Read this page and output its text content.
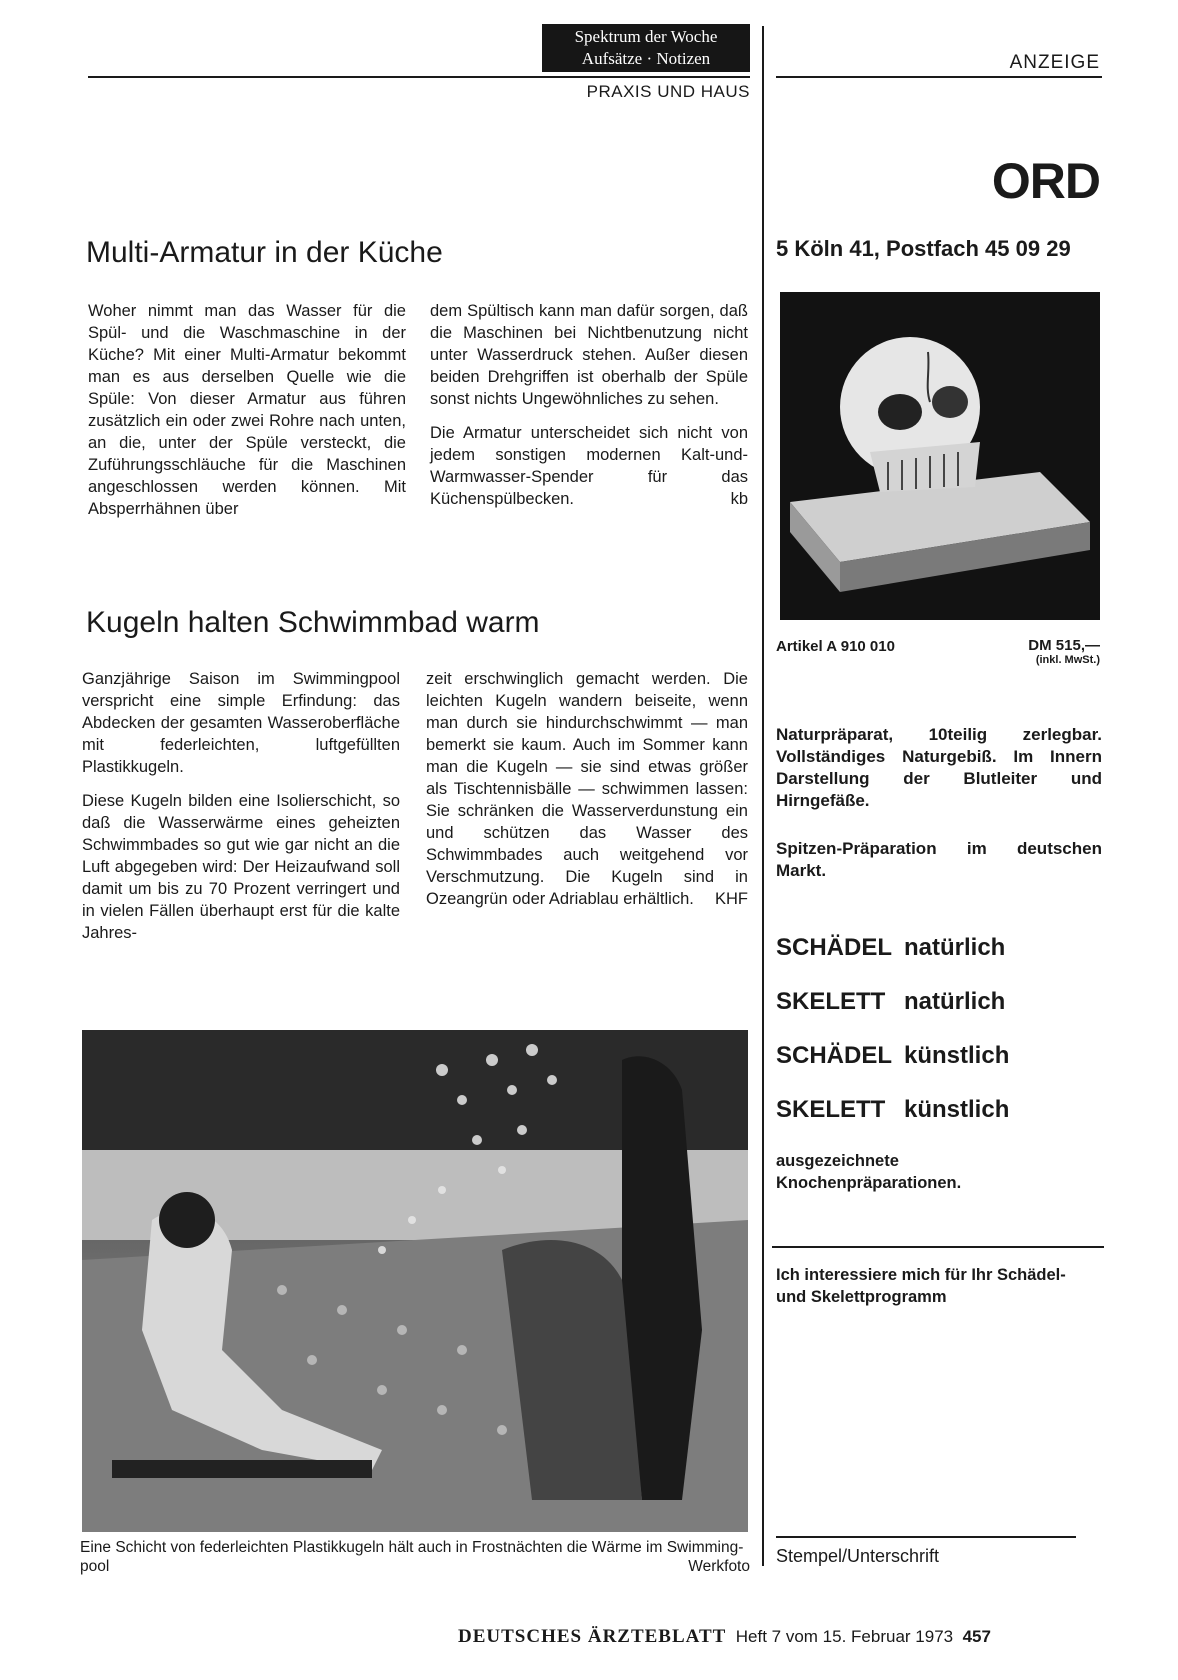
Spektrum der Woche
Aufsätze · Notizen
PRAXIS UND HAUS
ANZEIGE
Multi-Armatur in der Küche

Woher nimmt man das Wasser für die Spül- und die Waschmaschine in der Küche? Mit einer Multi-Armatur bekommt man es aus derselben Quelle wie die Spüle: Von dieser Armatur aus führen zusätzlich ein oder zwei Rohre nach unten, an die, unter der Spüle versteckt, die Zuführungsschläuche für die Maschinen angeschlossen werden können. Mit Absperrhähnen über

dem Spültisch kann man dafür sorgen, daß die Maschinen bei Nichtbenutzung nicht unter Wasserdruck stehen. Außer diesen beiden Drehgriffen ist oberhalb der Spüle sonst nichts Ungewöhnliches zu sehen.

Die Armatur unterscheidet sich nicht von jedem sonstigen modernen Kalt-und-Warmwasser-Spender für das Küchenspülbecken.	kb

Kugeln halten Schwimmbad warm

Ganzjährige Saison im Swimmingpool verspricht eine simple Erfindung: das Abdecken der gesamten Wasseroberfläche mit federleichten, luftgefüllten Plastikkugeln.

Diese Kugeln bilden eine Isolierschicht, so daß die Wasserwärme eines geheizten Schwimmbades so gut wie gar nicht an die Luft abgegeben wird: Der Heizaufwand soll damit um bis zu 70 Prozent verringert und in vielen Fällen überhaupt erst für die kalte Jahres-

zeit erschwinglich gemacht werden. Die leichten Kugeln wandern beiseite, wenn man durch sie hindurchschwimmt — man bemerkt sie kaum. Auch im Sommer kann man die Kugeln — sie sind etwas größer als Tischtennisbälle — schwimmen lassen: Sie schränken die Wasserverdunstung ein und schützen das Wasser des Schwimmbades auch weitgehend vor Verschmutzung. Die Kugeln sind in Ozeangrün oder Adriablau erhältlich. KHF

Eine Schicht von federleichten Plastikkugeln hält auch in Frostnächten die Wärme im Swimming-pool	Werkfoto
ORD
5 Köln 41, Postfach 45 09 29
Artikel A 910 010	DM 515,—
(inkl. MwSt.)
Naturpräparat, 10teilig zerlegbar. Vollständiges Naturgebiß. Im Innern Darstellung der Blutleiter und Hirngefäße.
Spitzen-Präparation im deutschen Markt.
SCHÄDEL natürlich
SKELETT natürlich
SCHÄDEL künstlich
SKELETT künstlich
ausgezeichnete Knochenpräparationen.
Ich interessiere mich für Ihr Schädel- und Skelettprogramm
Stempel/Unterschrift
DEUTSCHES ÄRZTEBLATT Heft 7 vom 15. Februar 1973 457
